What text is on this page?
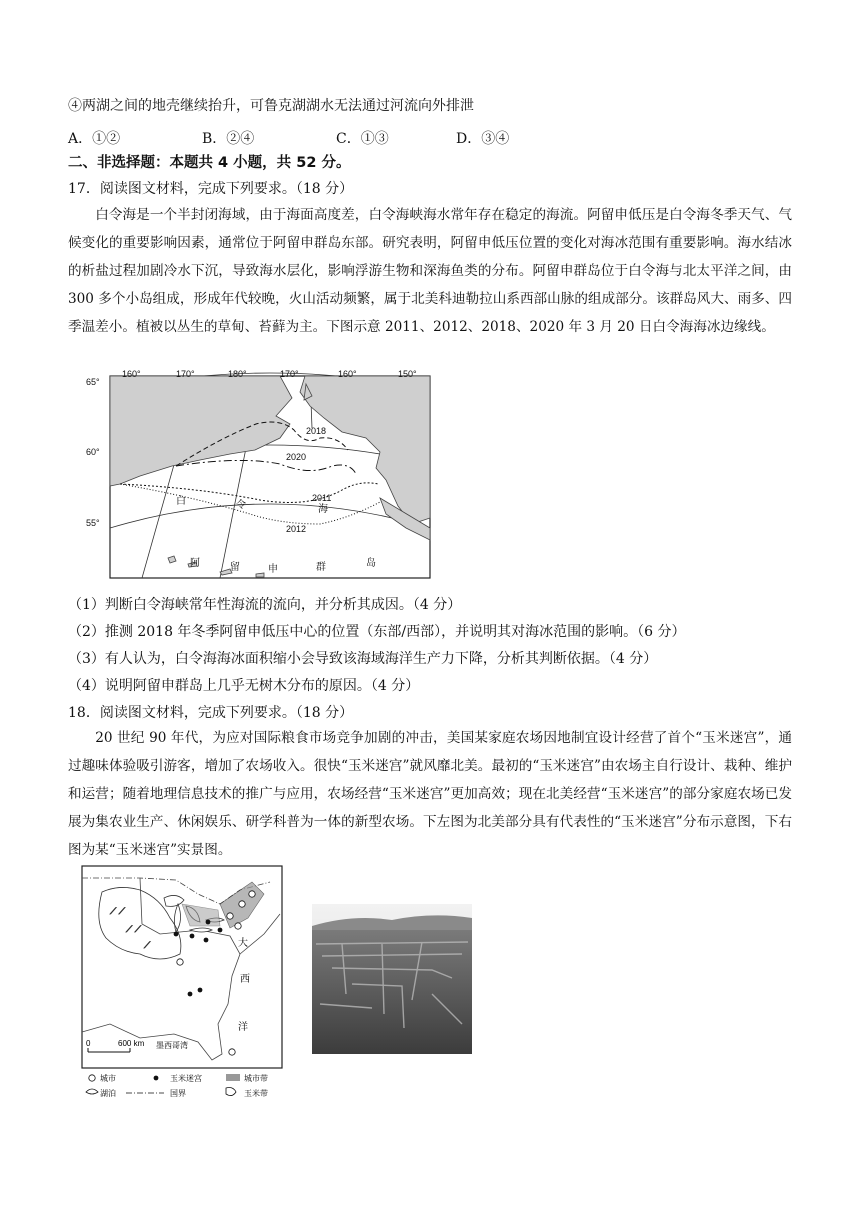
④两湖之间的地壳继续抬升，可鲁克湖湖水无法通过河流向外排泄
A．①②	B．②④	C．①③	D．③④
二、非选择题：本题共 4 小题，共 52 分。
17．阅读图文材料，完成下列要求。（18 分）
白令海是一个半封闭海域，由于海面高度差，白令海峡海水常年存在稳定的海流。阿留申低压是白令海冬季天气、气候变化的重要影响因素，通常位于阿留申群岛东部。研究表明，阿留申低压位置的变化对海冰范围有重要影响。海水结冰的析盐过程加剧冷水下沉，导致海水层化，影响浮游生物和深海鱼类的分布。阿留申群岛位于白令海与北太平洋之间，由 300 多个小岛组成，形成年代较晚，火山活动频繁，属于北美科迪勒拉山系西部山脉的组成部分。该群岛风大、雨多、四季温差小。植被以丛生的草甸、苔藓为主。下图示意 2011、2012、2018、2020 年 3 月 20 日白令海海冰边缘线。
160°	170°	180°	170°	160°	150°
65°
60°
55°
2018
2020
2011
2012
白	令	海
阿	留	申	群	岛
（1）判断白令海峡常年性海流的流向，并分析其成因。（4 分）
（2）推测 2018 年冬季阿留申低压中心的位置（东部/西部），并说明其对海冰范围的影响。（6 分）
（3）有人认为，白令海海冰面积缩小会导致该海域海洋生产力下降，分析其判断依据。（4 分）
（4）说明阿留申群岛上几乎无树木分布的原因。（4 分）
18．阅读图文材料，完成下列要求。（18 分）
20 世纪 90 年代，为应对国际粮食市场竞争加剧的冲击，美国某家庭农场因地制宜设计经营了首个“玉米迷宫”，通过趣味体验吸引游客，增加了农场收入。很快“玉米迷宫”就风靡北美。最初的“玉米迷宫”由农场主自行设计、栽种、维护和运营；随着地理信息技术的推广与应用，农场经营“玉米迷宫”更加高效；现在北美经营“玉米迷宫”的部分家庭农场已发展为集农业生产、休闲娱乐、研学科普为一体的新型农场。下左图为北美部分具有代表性的“玉米迷宫”分布示意图，下右图为某“玉米迷宫”实景图。
⟋ ⟋
⟋ ⟋
⟋	大
西
洋
墨西哥湾
0	600 km
城市	玉米迷宫	城市带
湖泊	国界	玉米带
